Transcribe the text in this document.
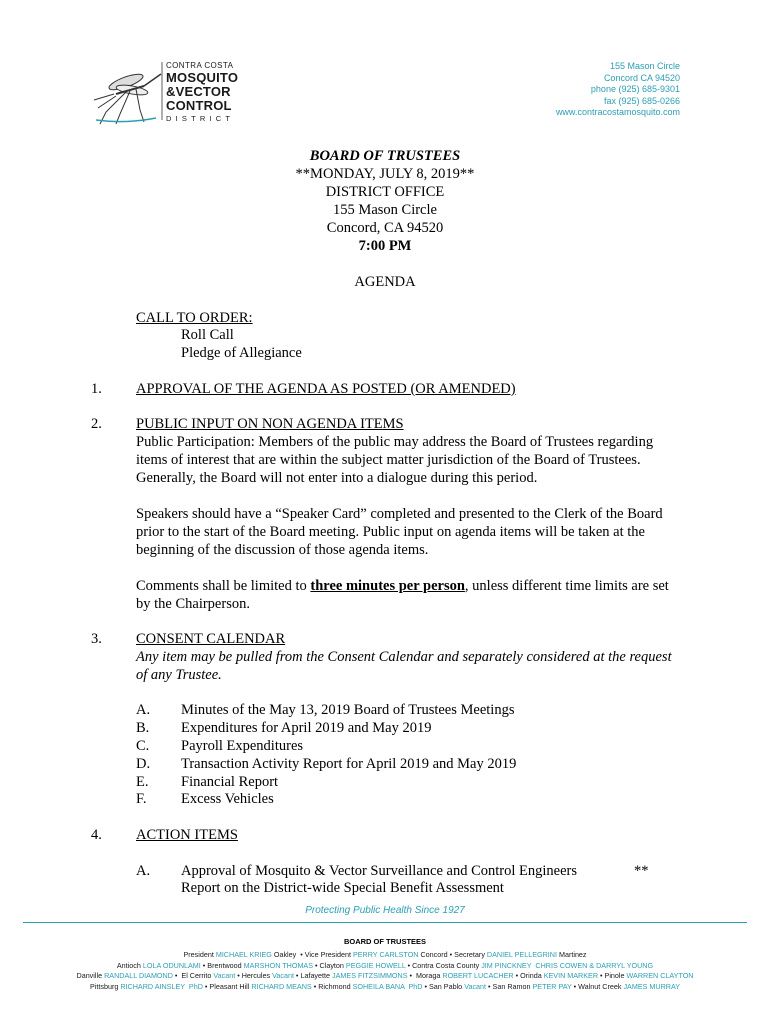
CONTRA COSTA
MOSQUITO
&VECTOR
CONTROL
DISTRICT
155 Mason Circle
Concord CA 94520
phone (925) 685-9301
fax (925) 685-0266
www.contracostamosquito.com
BOARD OF TRUSTEES
**MONDAY, JULY 8, 2019**
DISTRICT OFFICE
155 Mason Circle
Concord, CA 94520
7:00 PM
AGENDA
CALL TO ORDER:
Roll Call
Pledge of Allegiance
1. APPROVAL OF THE AGENDA AS POSTED (OR AMENDED)
2. PUBLIC INPUT ON NON AGENDA ITEMS
Public Participation: Members of the public may address the Board of Trustees regarding items of interest that are within the subject matter jurisdiction of the Board of Trustees. Generally, the Board will not enter into a dialogue during this period.
Speakers should have a “Speaker Card” completed and presented to the Clerk of the Board prior to the start of the Board meeting. Public input on agenda items will be taken at the beginning of the discussion of those agenda items.
Comments shall be limited to three minutes per person, unless different time limits are set by the Chairperson.
3. CONSENT CALENDAR
Any item may be pulled from the Consent Calendar and separately considered at the request of any Trustee.
A. Minutes of the May 13, 2019 Board of Trustees Meetings
B. Expenditures for April 2019 and May 2019
C. Payroll Expenditures
D. Transaction Activity Report for April 2019 and May 2019
E. Financial Report
F. Excess Vehicles
4. ACTION ITEMS
A. Approval of Mosquito & Vector Surveillance and Control Engineers	**
Report on the District-wide Special Benefit Assessment
Protecting Public Health Since 1927
BOARD OF TRUSTEES
President MICHAEL KRIEG Oakley  • Vice President PERRY CARLSTON Concord • Secretary DANIEL PELLEGRINI Martinez
Antioch LOLA ODUNLAMI • Brentwood MARSHON THOMAS • Clayton PEGGIE HOWELL • Contra Costa County JIM PINCKNEY CHRIS COWEN & DARRYL YOUNG
Danville RANDALL DIAMOND •  El Cerrito Vacant • Hercules Vacant • Lafayette JAMES FITZSIMMONS •  Moraga ROBERT LUCACHER • Orinda KEVIN MARKER • Pinole WARREN CLAYTON
Pittsburg RICHARD AINSLEY  PhD • Pleasant Hill RICHARD MEANS • Richmond SOHEILA BANA  PhD • San Pablo Vacant • San Ramon PETER PAY • Walnut Creek JAMES MURRAY
